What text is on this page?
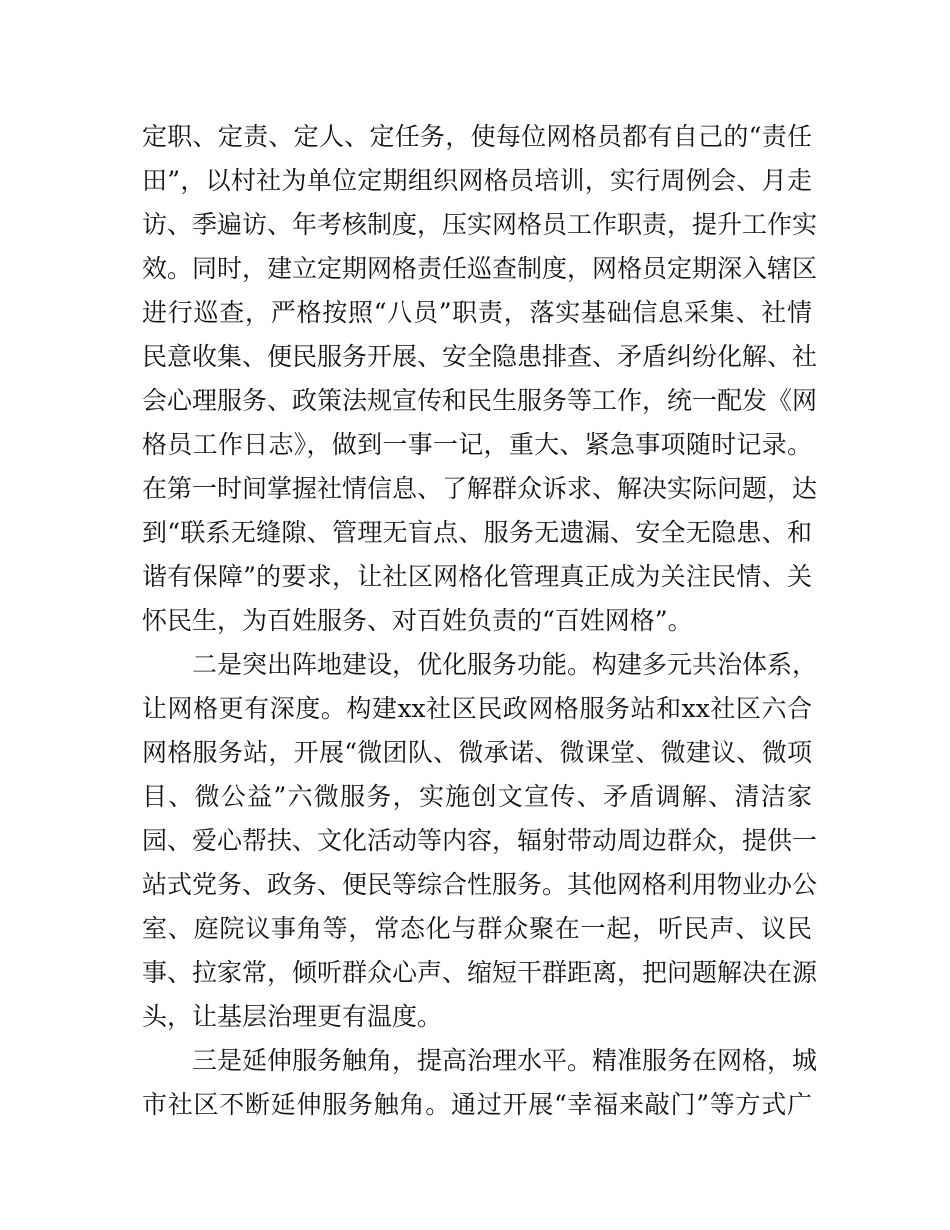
定职、定责、定人、定任务，使每位网格员都有自己的“责任
田”，以村社为单位定期组织网格员培训，实行周例会、月走
访、季遍访、年考核制度，压实网格员工作职责，提升工作实
效。同时，建立定期网格责任巡查制度，网格员定期深入辖区
进行巡查，严格按照“八员”职责，落实基础信息采集、社情
民意收集、便民服务开展、安全隐患排查、矛盾纠纷化解、社
会心理服务、政策法规宣传和民生服务等工作，统一配发《网
格员工作日志》，做到一事一记，重大、紧急事项随时记录。
在第一时间掌握社情信息、了解群众诉求、解决实际问题，达
到“联系无缝隙、管理无盲点、服务无遗漏、安全无隐患、和
谐有保障”的要求，让社区网格化管理真正成为关注民情、关
怀民生，为百姓服务、对百姓负责的“百姓网格”。
二是突出阵地建设，优化服务功能。构建多元共治体系，
让网格更有深度。构建xx社区民政网格服务站和xx社区六合
网格服务站，开展“微团队、微承诺、微课堂、微建议、微项
目、微公益”六微服务，实施创文宣传、矛盾调解、清洁家
园、爱心帮扶、文化活动等内容，辐射带动周边群众，提供一
站式党务、政务、便民等综合性服务。其他网格利用物业办公
室、庭院议事角等，常态化与群众聚在一起，听民声、议民
事、拉家常，倾听群众心声、缩短干群距离，把问题解决在源
头，让基层治理更有温度。
三是延伸服务触角，提高治理水平。精准服务在网格，城
市社区不断延伸服务触角。通过开展“幸福来敲门”等方式广
